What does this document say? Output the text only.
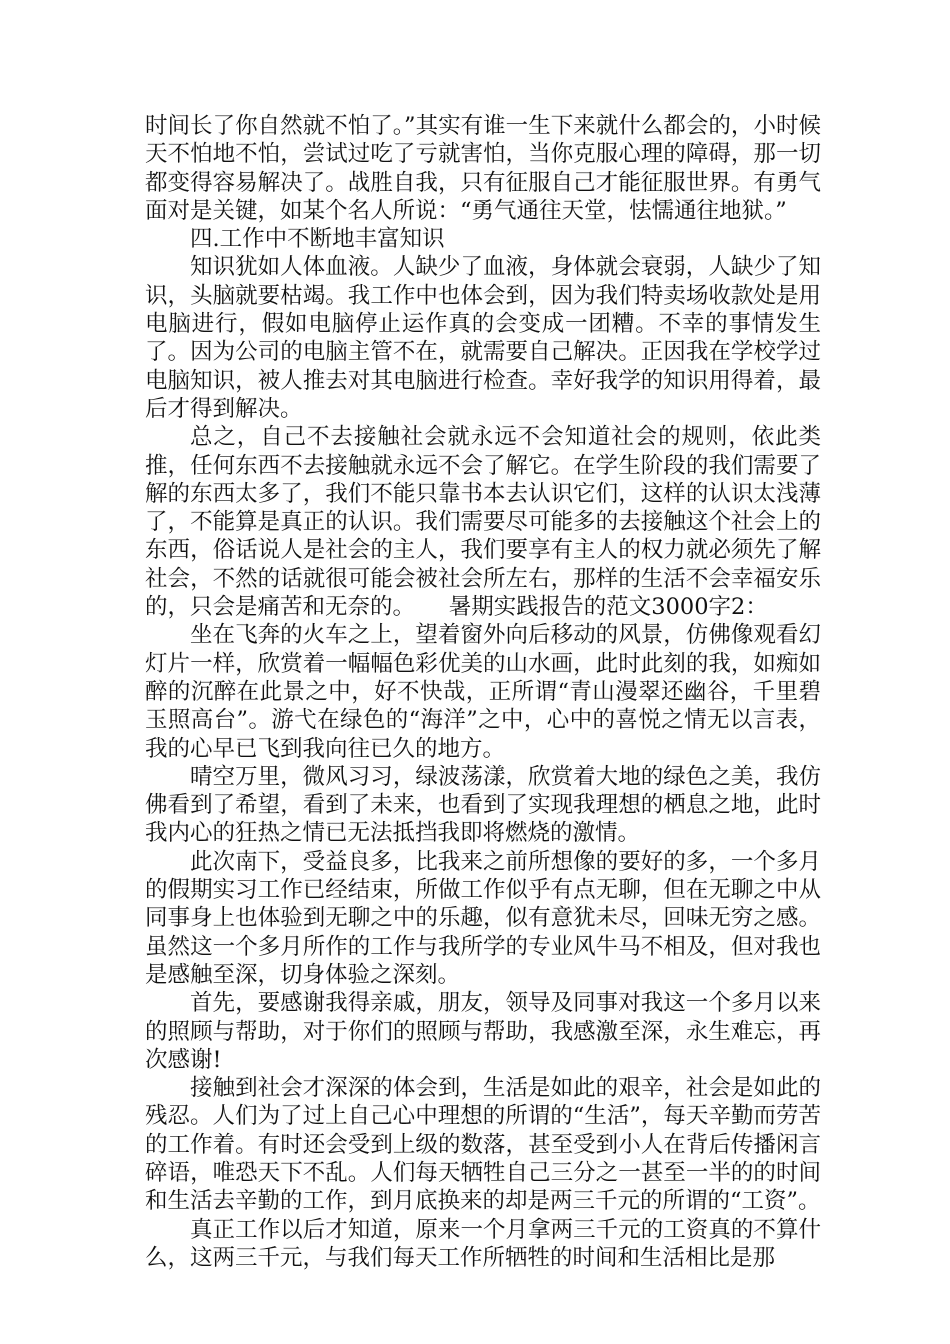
时间长了你自然就不怕了。”其实有谁一生下来就什么都会的，小时候天不怕地不怕，尝试过吃了亏就害怕，当你克服心理的障碍，那一切都变得容易解决了。战胜自我，只有征服自己才能征服世界。有勇气面对是关键，如某个名人所说：“勇气通往天堂，怯懦通往地狱。”

四.工作中不断地丰富知识

知识犹如人体血液。人缺少了血液，身体就会衰弱，人缺少了知识，头脑就要枯竭。我工作中也体会到，因为我们特卖场收款处是用电脑进行，假如电脑停止运作真的会变成一团糟。不幸的事情发生了。因为公司的电脑主管不在，就需要自己解决。正因我在学校学过电脑知识，被人推去对其电脑进行检查。幸好我学的知识用得着，最后才得到解决。

总之，自己不去接触社会就永远不会知道社会的规则，依此类推，任何东西不去接触就永远不会了解它。在学生阶段的我们需要了解的东西太多了，我们不能只靠书本去认识它们，这样的认识太浅薄了，不能算是真正的认识。我们需要尽可能多的去接触这个社会上的东西，俗话说人是社会的主人，我们要享有主人的权力就必须先了解社会，不然的话就很可能会被社会所左右，那样的生活不会幸福安乐的，只会是痛苦和无奈的。　　暑期实践报告的范文3000字2：

坐在飞奔的火车之上，望着窗外向后移动的风景，仿佛像观看幻灯片一样，欣赏着一幅幅色彩优美的山水画，此时此刻的我，如痴如醉的沉醉在此景之中，好不快哉，正所谓“青山漫翠还幽谷，千里碧玉照高台”。游弋在绿色的“海洋”之中，心中的喜悦之情无以言表，我的心早已飞到我向往已久的地方。

晴空万里，微风习习，绿波荡漾，欣赏着大地的绿色之美，我仿佛看到了希望，看到了未来，也看到了实现我理想的栖息之地，此时我内心的狂热之情已无法抵挡我即将燃烧的激情。

此次南下，受益良多，比我来之前所想像的要好的多，一个多月的假期实习工作已经结束，所做工作似乎有点无聊，但在无聊之中从同事身上也体验到无聊之中的乐趣，似有意犹未尽，回味无穷之感。虽然这一个多月所作的工作与我所学的专业风牛马不相及，但对我也是感触至深，切身体验之深刻。

首先，要感谢我得亲戚，朋友，领导及同事对我这一个多月以来的照顾与帮助，对于你们的照顾与帮助，我感激至深，永生难忘，再次感谢!

接触到社会才深深的体会到，生活是如此的艰辛，社会是如此的残忍。人们为了过上自己心中理想的所谓的“生活”，每天辛勤而劳苦的工作着。有时还会受到上级的数落，甚至受到小人在背后传播闲言碎语，唯恐天下不乱。人们每天牺牲自己三分之一甚至一半的的时间和生活去辛勤的工作，到月底换来的却是两三千元的所谓的“工资”。

真正工作以后才知道，原来一个月拿两三千元的工资真的不算什么，这两三千元，与我们每天工作所牺牲的时间和生活相比是那
